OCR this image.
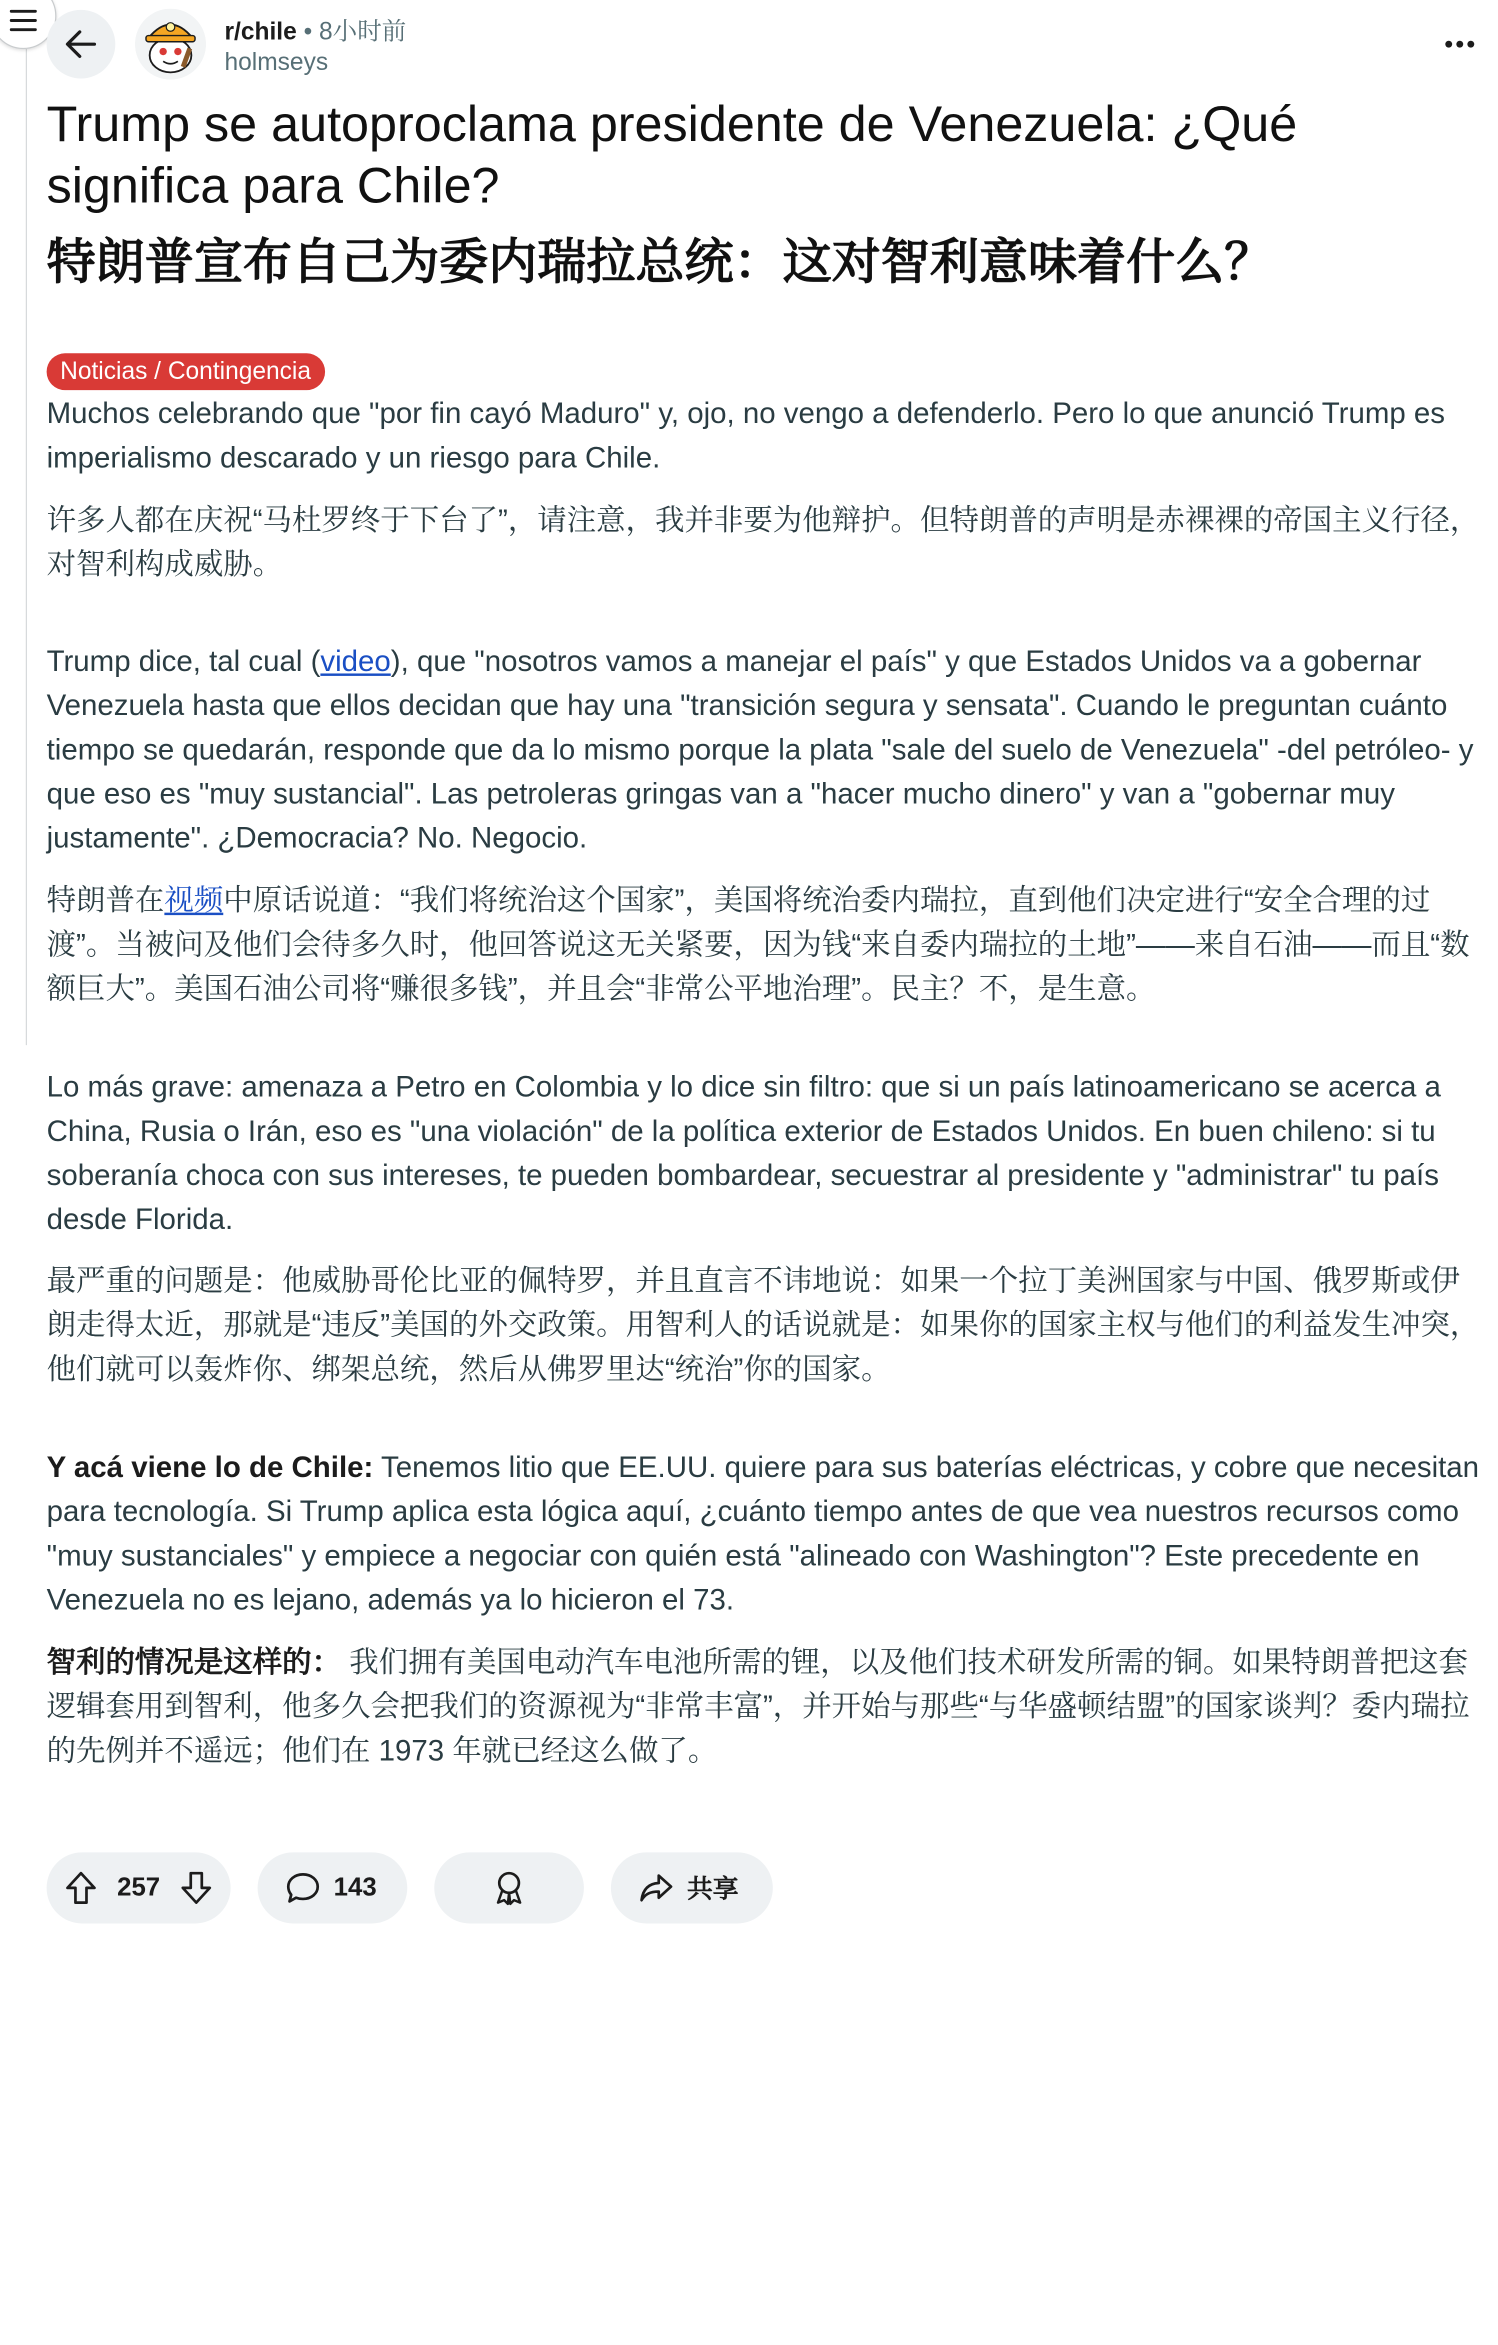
r/chile • 8小时前
holmseys
Trump se autoproclama presidente de Venezuela: ¿Qué significa para Chile?
特朗普宣布自己为委内瑞拉总统：这对智利意味着什么？
Noticias / Contingencia

Muchos celebrando que "por fin cayó Maduro" y, ojo, no vengo a defenderlo. Pero lo que anunció Trump es imperialismo descarado y un riesgo para Chile.

许多人都在庆祝“马杜罗终于下台了”，请注意，我并非要为他辩护。但特朗普的声明是赤裸裸的帝国主义行径，对智利构成威胁。

Trump dice, tal cual (video), que "nosotros vamos a manejar el país" y que Estados Unidos va a gobernar Venezuela hasta que ellos decidan que hay una "transición segura y sensata". Cuando le preguntan cuánto tiempo se quedarán, responde que da lo mismo porque la plata "sale del suelo de Venezuela" -del petróleo- y que eso es "muy sustancial". Las petroleras gringas van a "hacer mucho dinero" y van a "gobernar muy justamente". ¿Democracia? No. Negocio.

特朗普在视频中原话说道：“我们将统治这个国家”，美国将统治委内瑞拉，直到他们决定进行“安全合理的过渡”。当被问及他们会待多久时，他回答说这无关紧要，因为钱“来自委内瑞拉的土地”——来自石油——而且“数额巨大”。美国石油公司将“赚很多钱”，并且会“非常公平地治理”。民主？不，是生意。

Lo más grave: amenaza a Petro en Colombia y lo dice sin filtro: que si un país latinoamericano se acerca a China, Rusia o Irán, eso es "una violación" de la política exterior de Estados Unidos. En buen chileno: si tu soberanía choca con sus intereses, te pueden bombardear, secuestrar al presidente y "administrar" tu país desde Florida.

最严重的问题是：他威胁哥伦比亚的佩特罗，并且直言不讳地说：如果一个拉丁美洲国家与中国、俄罗斯或伊朗走得太近，那就是“违反”美国的外交政策。用智利人的话说就是：如果你的国家主权与他们的利益发生冲突，他们就可以轰炸你、绑架总统，然后从佛罗里达“统治”你的国家。

Y acá viene lo de Chile: Tenemos litio que EE.UU. quiere para sus baterías eléctricas, y cobre que necesitan para tecnología. Si Trump aplica esta lógica aquí, ¿cuánto tiempo antes de que vea nuestros recursos como "muy sustanciales" y empiece a negociar con quién está "alineado con Washington"? Este precedente en Venezuela no es lejano, además ya lo hicieron el 73.

智利的情况是这样的： 我们拥有美国电动汽车电池所需的锂，以及他们技术研发所需的铜。如果特朗普把这套逻辑套用到智利，他多久会把我们的资源视为“非常丰富”，并开始与那些“与华盛顿结盟”的国家谈判？委内瑞拉的先例并不遥远；他们在 1973 年就已经这么做了。

257	143	共享
